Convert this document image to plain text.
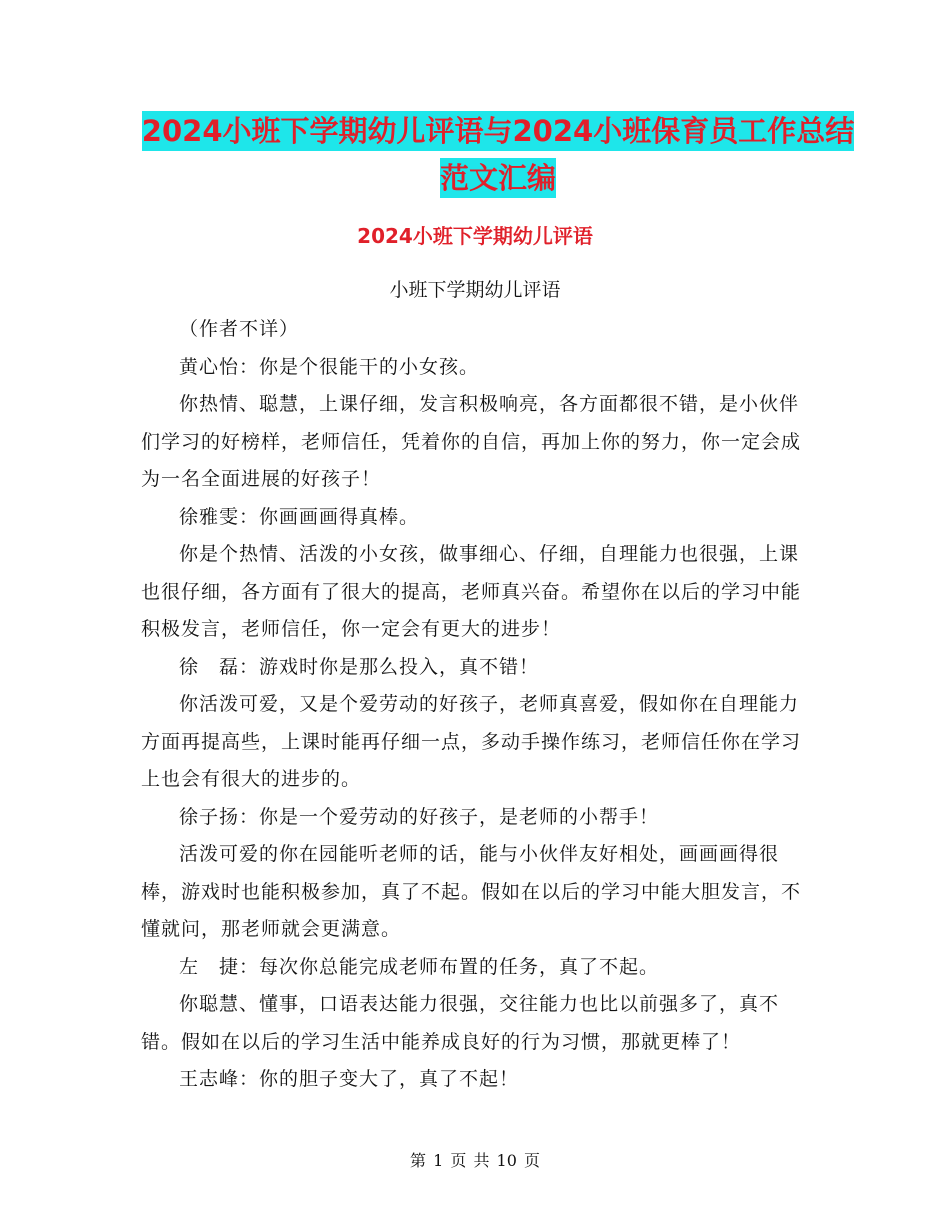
2024小班下学期幼儿评语与2024小班保育员工作总结
范文汇编
2024小班下学期幼儿评语

小班下学期幼儿评语

（作者不详）

黄心怡：你是个很能干的小女孩。

你热情、聪慧，上课仔细，发言积极响亮，各方面都很不错，是小伙伴们学习的好榜样，老师信任，凭着你的自信，再加上你的努力，你一定会成为一名全面进展的好孩子！

徐雅雯：你画画画得真棒。

你是个热情、活泼的小女孩，做事细心、仔细，自理能力也很强，上课也很仔细，各方面有了很大的提高，老师真兴奋。希望你在以后的学习中能积极发言，老师信任，你一定会有更大的进步！

徐　磊：游戏时你是那么投入，真不错！

你活泼可爱，又是个爱劳动的好孩子，老师真喜爱，假如你在自理能力方面再提高些，上课时能再仔细一点，多动手操作练习，老师信任你在学习上也会有很大的进步的。

徐子扬：你是一个爱劳动的好孩子，是老师的小帮手！

活泼可爱的你在园能听老师的话，能与小伙伴友好相处，画画画得很棒，游戏时也能积极参加，真了不起。假如在以后的学习中能大胆发言，不懂就问，那老师就会更满意。

左　捷：每次你总能完成老师布置的任务，真了不起。

你聪慧、懂事，口语表达能力很强，交往能力也比以前强多了，真不错。假如在以后的学习生活中能养成良好的行为习惯，那就更棒了！

王志峰：你的胆子变大了，真了不起！

第 1 页 共 10 页
